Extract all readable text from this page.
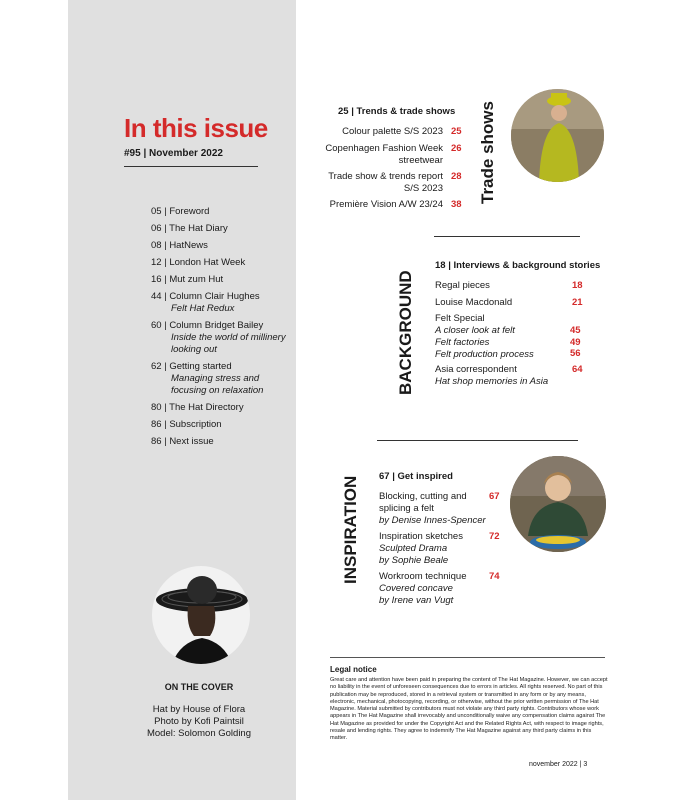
In this issue
#95 | November 2022
05 | Foreword
06 | The Hat Diary
08 | HatNews
12 | London Hat Week
16 | Mut zum Hut
44 | Column Clair Hughes
Felt Hat Redux
60 | Column Bridget Bailey
Inside the world of millinery looking out
62 | Getting started
Managing stress and focusing on relaxation
80 | The Hat Directory
86 | Subscription
86 | Next issue
ON THE COVER
Hat by House of Flora
Photo by Kofi Paintsil
Model: Solomon Golding
25 | Trends & trade shows
Colour palette S/S 2023 25
Copenhagen Fashion Week
streetwear
26
Trade show & trends report
S/S 2023
28
Première Vision A/W 23/24 38
Trade shows
BACKGROUND
18 | Interviews & background stories
Regal pieces	18
Louise Macdonald	21
Felt Special
A closer look at felt
Felt factories
Felt production process
45
49
56
Asia correspondent
Hat shop memories in Asia
64
INSPIRATION 67 | Get inspired
Blocking, cutting and
splicing a felt
by Denise Innes-Spencer
67
Inspiration sketches
Sculpted Drama
by Sophie Beale
72
Workroom technique
Covered concave
by Irene van Vugt
74
Legal notice
Great care and attention have been paid in preparing the content of The Hat Magazine. However, we can accept no liability in the event of unforeseen consequences due to errors in articles. All rights reserved. No part of this publication may be reproduced, stored in a retrieval system or transmitted in any form or by any means, electronic, mechanical, photocopying, recording, or otherwise, without the prior written permission of The Hat Magazine. Material submitted by contributors must not violate any third party rights. Contributors whose work appears in The Hat Magazine shall irrevocably and unconditionally waive any compensation claims against The Hat Magazine as provided for under the Copyright Act and the Related Rights Act, with respect to image rights, resale and lending rights. They agree to indemnify The Hat Magazine against any third party claims in this matter.
november 2022 | 3
